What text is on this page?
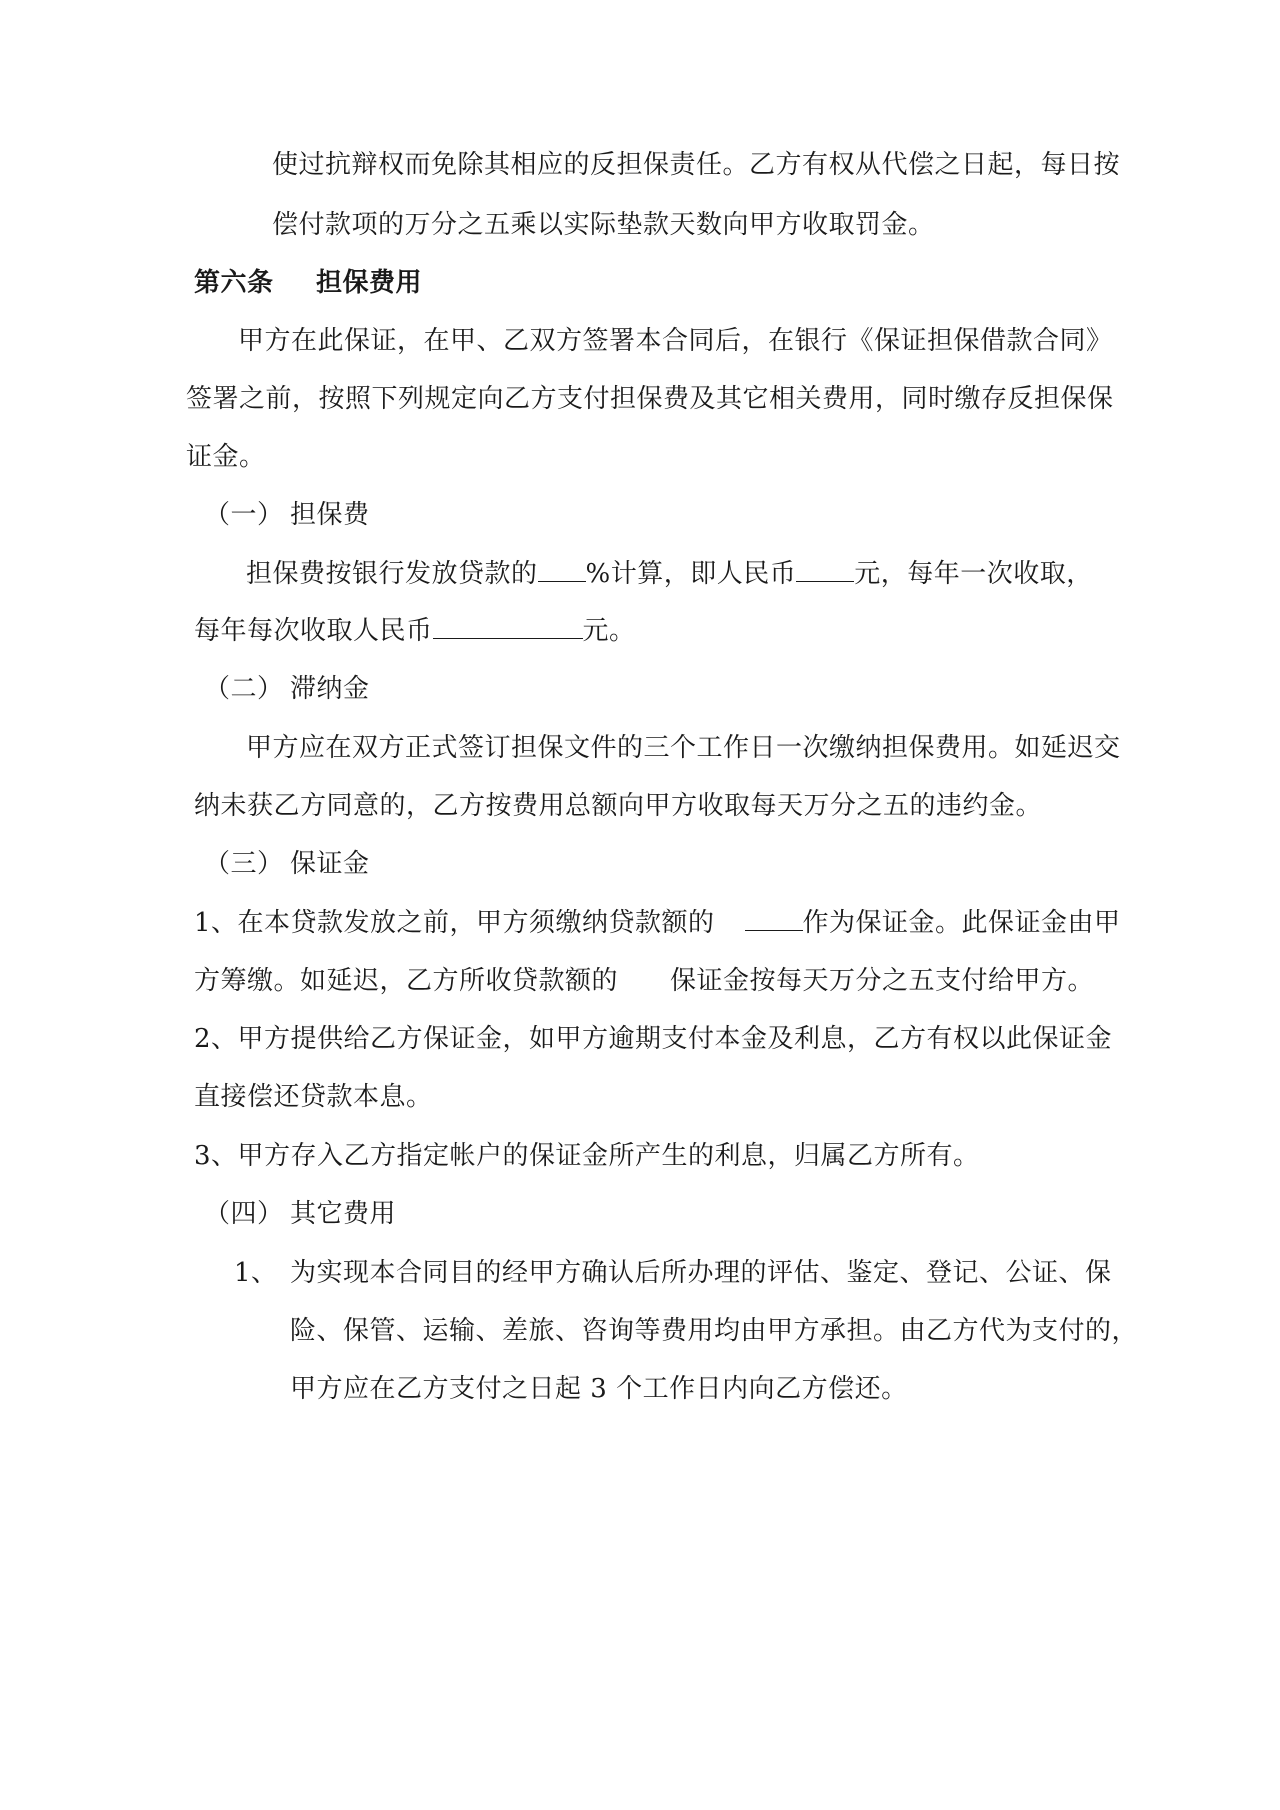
使过抗辩权而免除其相应的反担保责任。乙方有权从代偿之日起，每日按
偿付款项的万分之五乘以实际垫款天数向甲方收取罚金。
第六条 担保费用
甲方在此保证，在甲、乙双方签署本合同后，在银行《保证担保借款合同》
签署之前，按照下列规定向乙方支付担保费及其它相关费用，同时缴存反担保保
证金。
（一） 担保费
担保费按银行发放贷款的 %计算，即人民币 元，每年一次收取，
每年每次收取人民币	元。
（二） 滞纳金
甲方应在双方正式签订担保文件的三个工作日一次缴纳担保费用。如延迟交
纳未获乙方同意的，乙方按费用总额向甲方收取每天万分之五的违约金。
（三） 保证金
1、在本贷款发放之前，甲方须缴纳贷款额的	作为保证金。此保证金由甲
方筹缴。如延迟，乙方所收贷款额的 保证金按每天万分之五支付给甲方。
2、甲方提供给乙方保证金，如甲方逾期支付本金及利息，乙方有权以此保证金
直接偿还贷款本息。
3、甲方存入乙方指定帐户的保证金所产生的利息，归属乙方所有。
（四） 其它费用
1、 为实现本合同目的经甲方确认后所办理的评估、鉴定、登记、公证、保
险、保管、运输、差旅、咨询等费用均由甲方承担。由乙方代为支付的，
甲方应在乙方支付之日起 3 个工作日内向乙方偿还。
